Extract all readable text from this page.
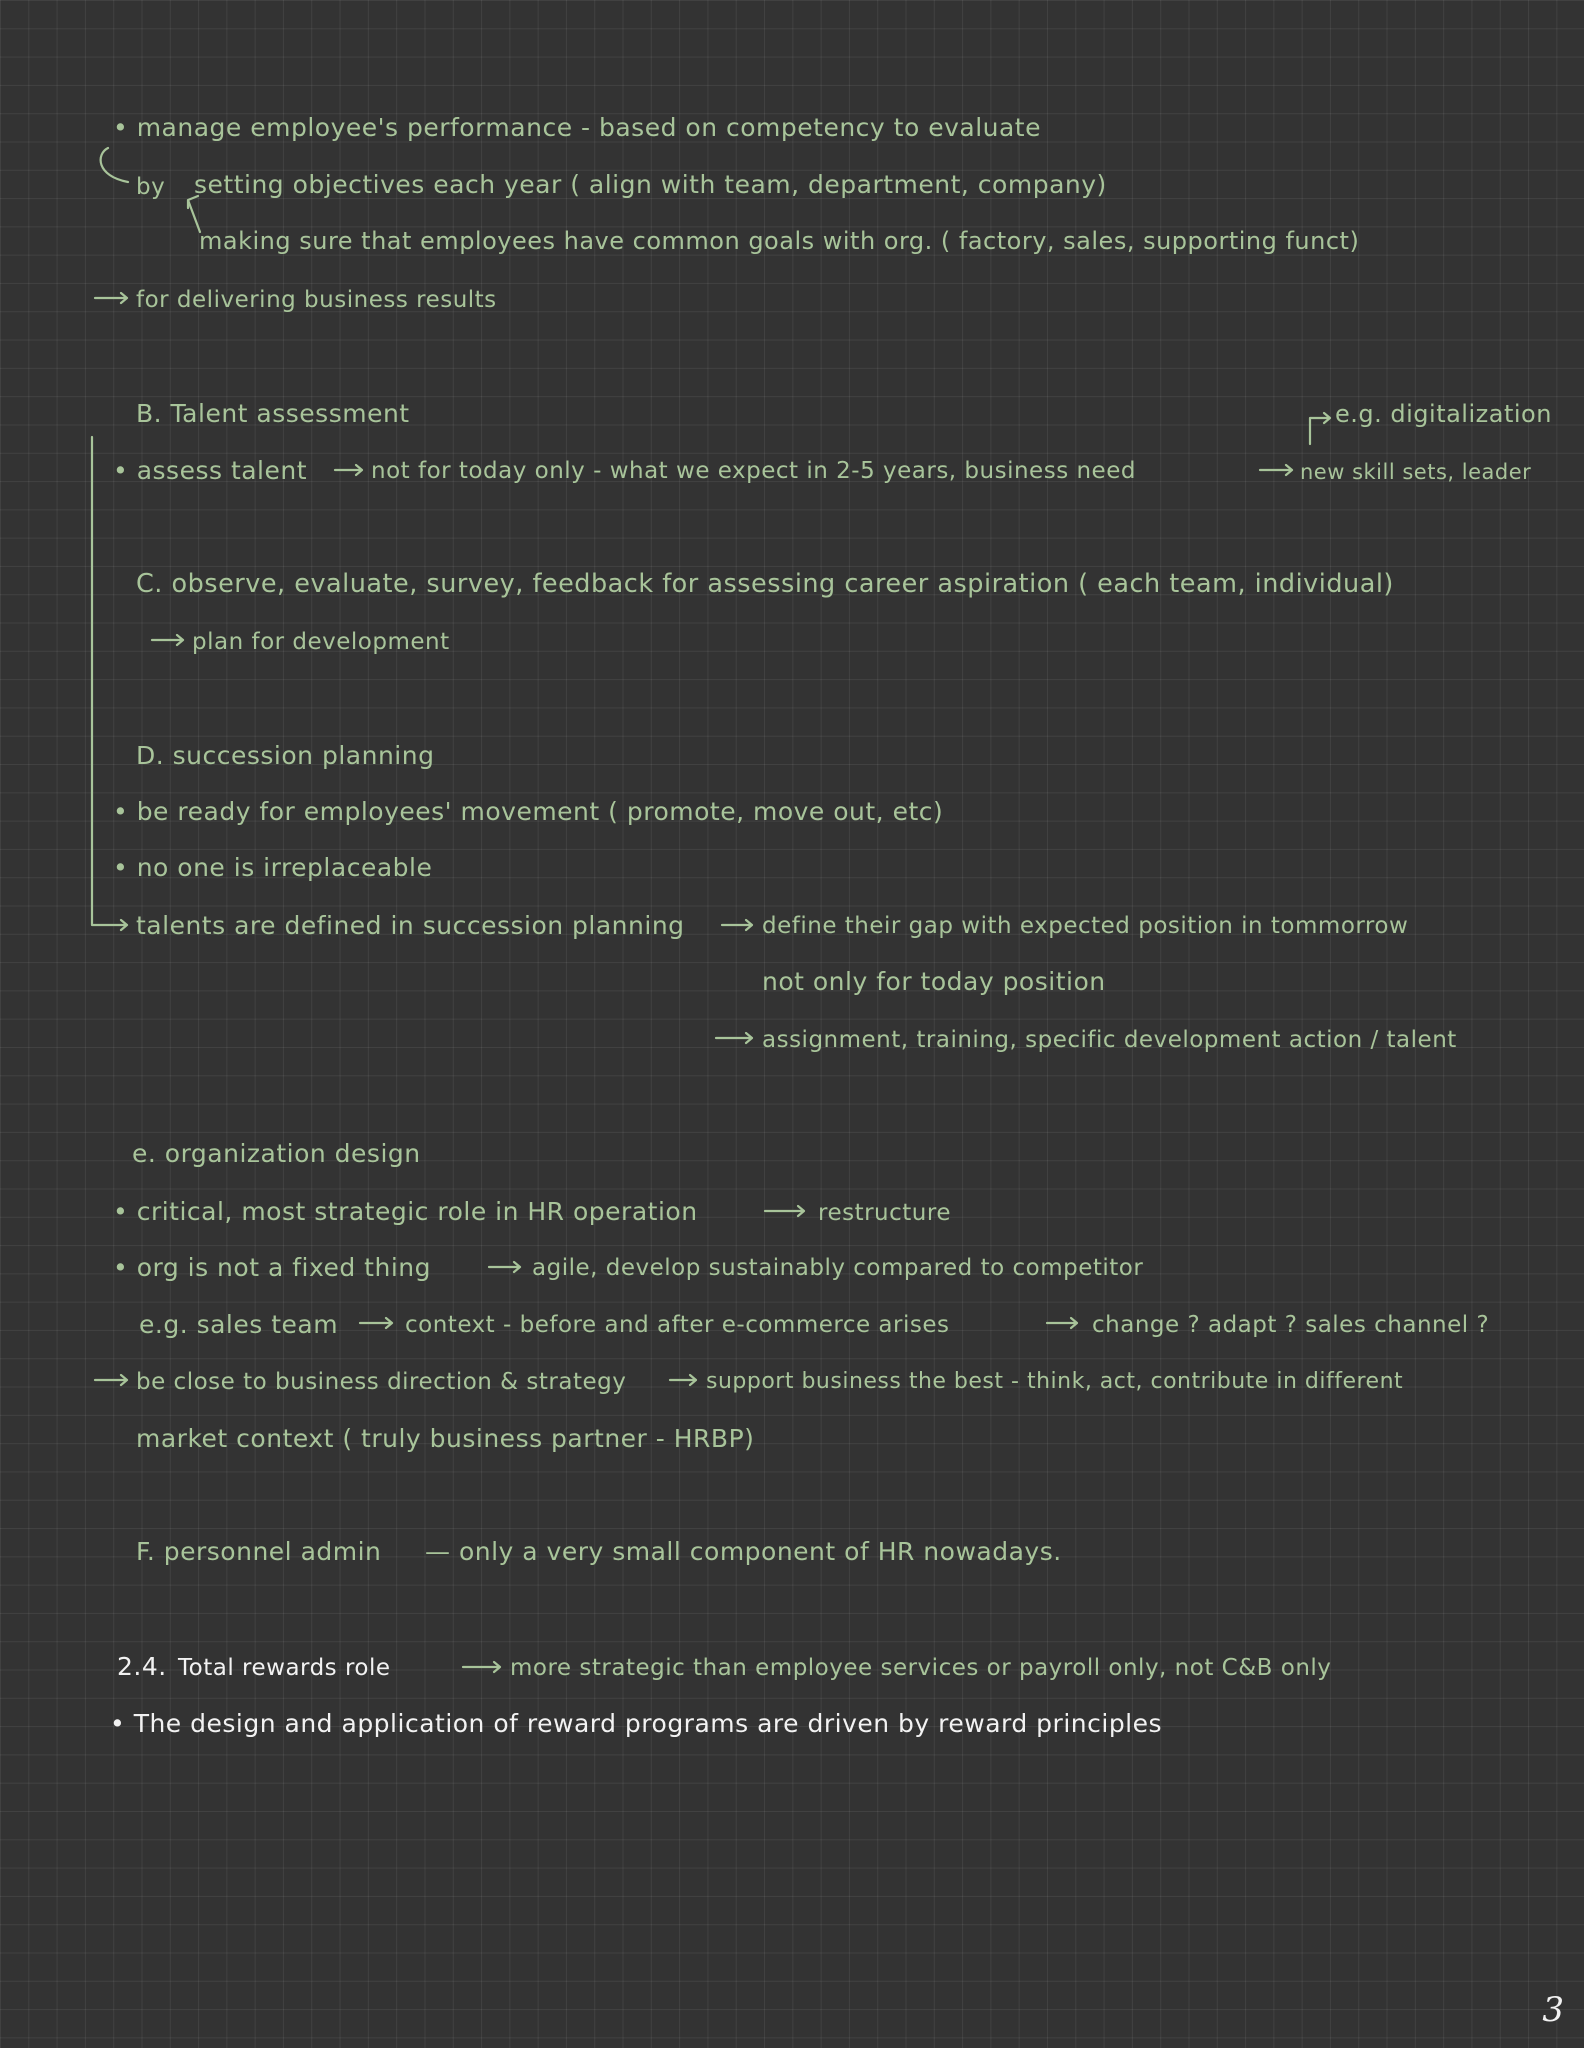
• manage employee's performance - based on competency to evaluate
by setting objectives each year ( align with team, department, company)
making sure that employees have common goals with org. ( factory, sales, supporting funct)
for delivering business results
B. Talent assessment	e.g. digitalization
• assess talent	not for today only - what we expect in 2-5 years, business need	new skill sets, leader
C. observe, evaluate, survey, feedback for assessing career aspiration ( each team, individual)
plan for development
D. succession planning
• be ready for employees' movement ( promote, move out, etc)
• no one is irreplaceable
talents are defined in succession planning	define their gap with expected position in tommorrow
not only for today position
assignment, training, specific development action / talent
e. organization design
• critical, most strategic role in HR operation	restructure
• org is not a fixed thing	agile, develop sustainably compared to competitor
e.g. sales team	context - before and after e-commerce arises	change ? adapt ? sales channel ?
be close to business direction & strategy	support business the best - think, act, contribute in different
market context ( truly business partner - HRBP)
F. personnel admin — only a very small component of HR nowadays.
2.4. Total rewards role	more strategic than employee services or payroll only, not C&B only
• The design and application of reward programs are driven by reward principles
3
